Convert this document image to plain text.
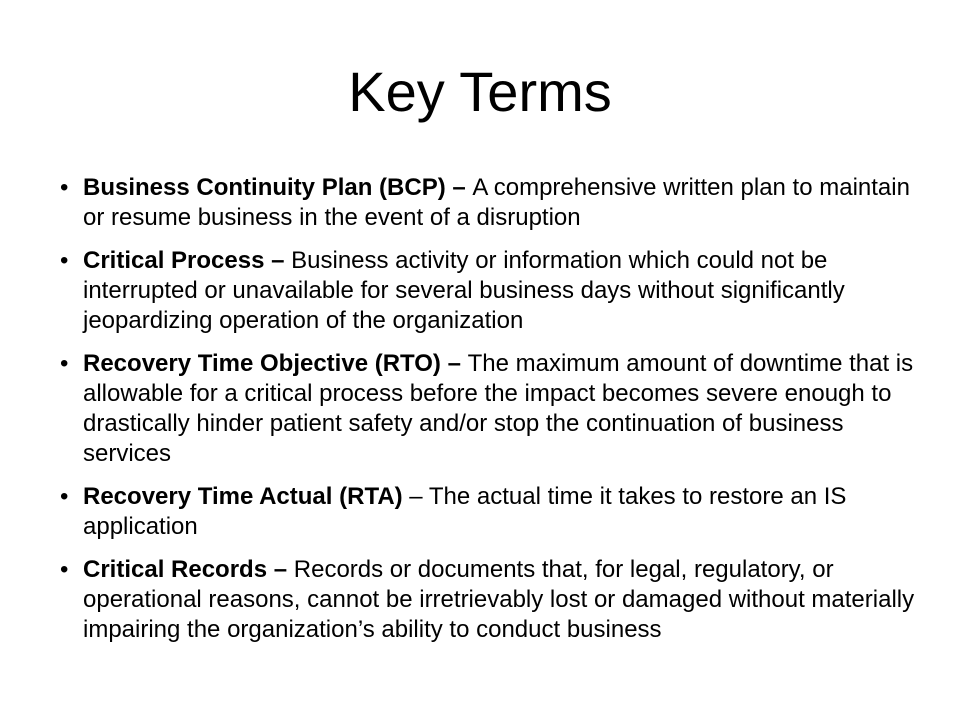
Key Terms
• Business Continuity Plan (BCP) – A comprehensive written plan to maintain or resume business in the event of a disruption
• Critical Process – Business activity or information which could not be interrupted or unavailable for several business days without significantly jeopardizing operation of the organization
• Recovery Time Objective (RTO) – The maximum amount of downtime that is allowable for a critical process before the impact becomes severe enough to drastically hinder patient safety and/or stop the continuation of business services
• Recovery Time Actual (RTA) – The actual time it takes to restore an IS application
• Critical Records – Records or documents that, for legal, regulatory, or operational reasons, cannot be irretrievably lost or damaged without materially impairing the organization’s ability to conduct business
